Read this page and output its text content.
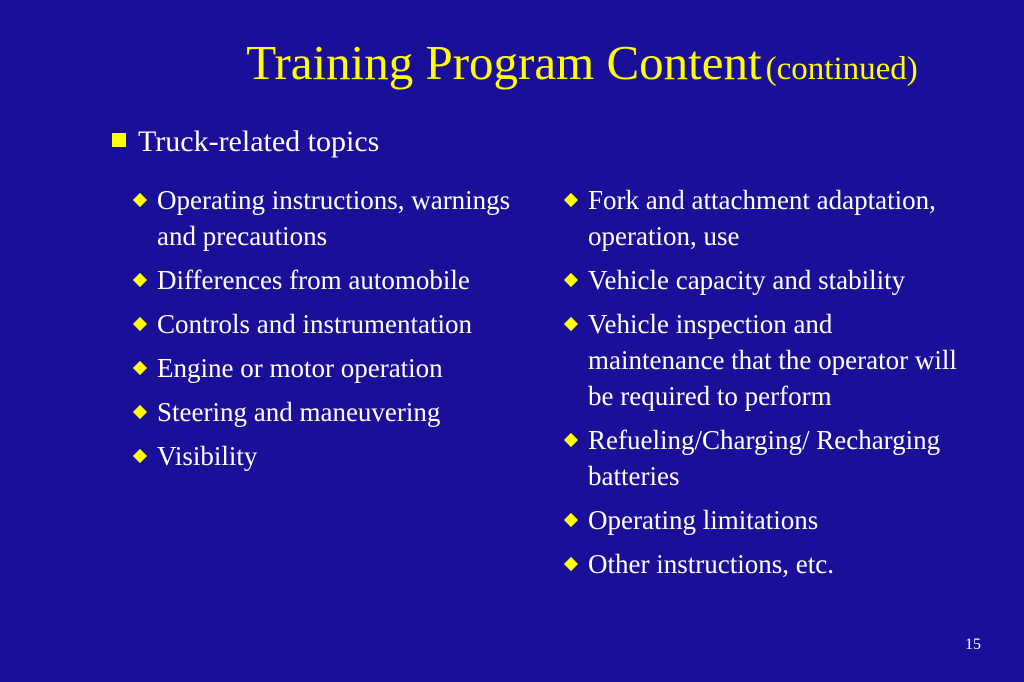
Training Program Content (continued)
Truck-related topics
Operating instructions, warnings and precautions
Differences from automobile
Controls and instrumentation
Engine or motor operation
Steering and maneuvering
Visibility
Fork and attachment adaptation, operation, use
Vehicle capacity and stability
Vehicle inspection and maintenance that the operator will be required to perform
Refueling/Charging/ Recharging batteries
Operating limitations
Other instructions, etc.
15
